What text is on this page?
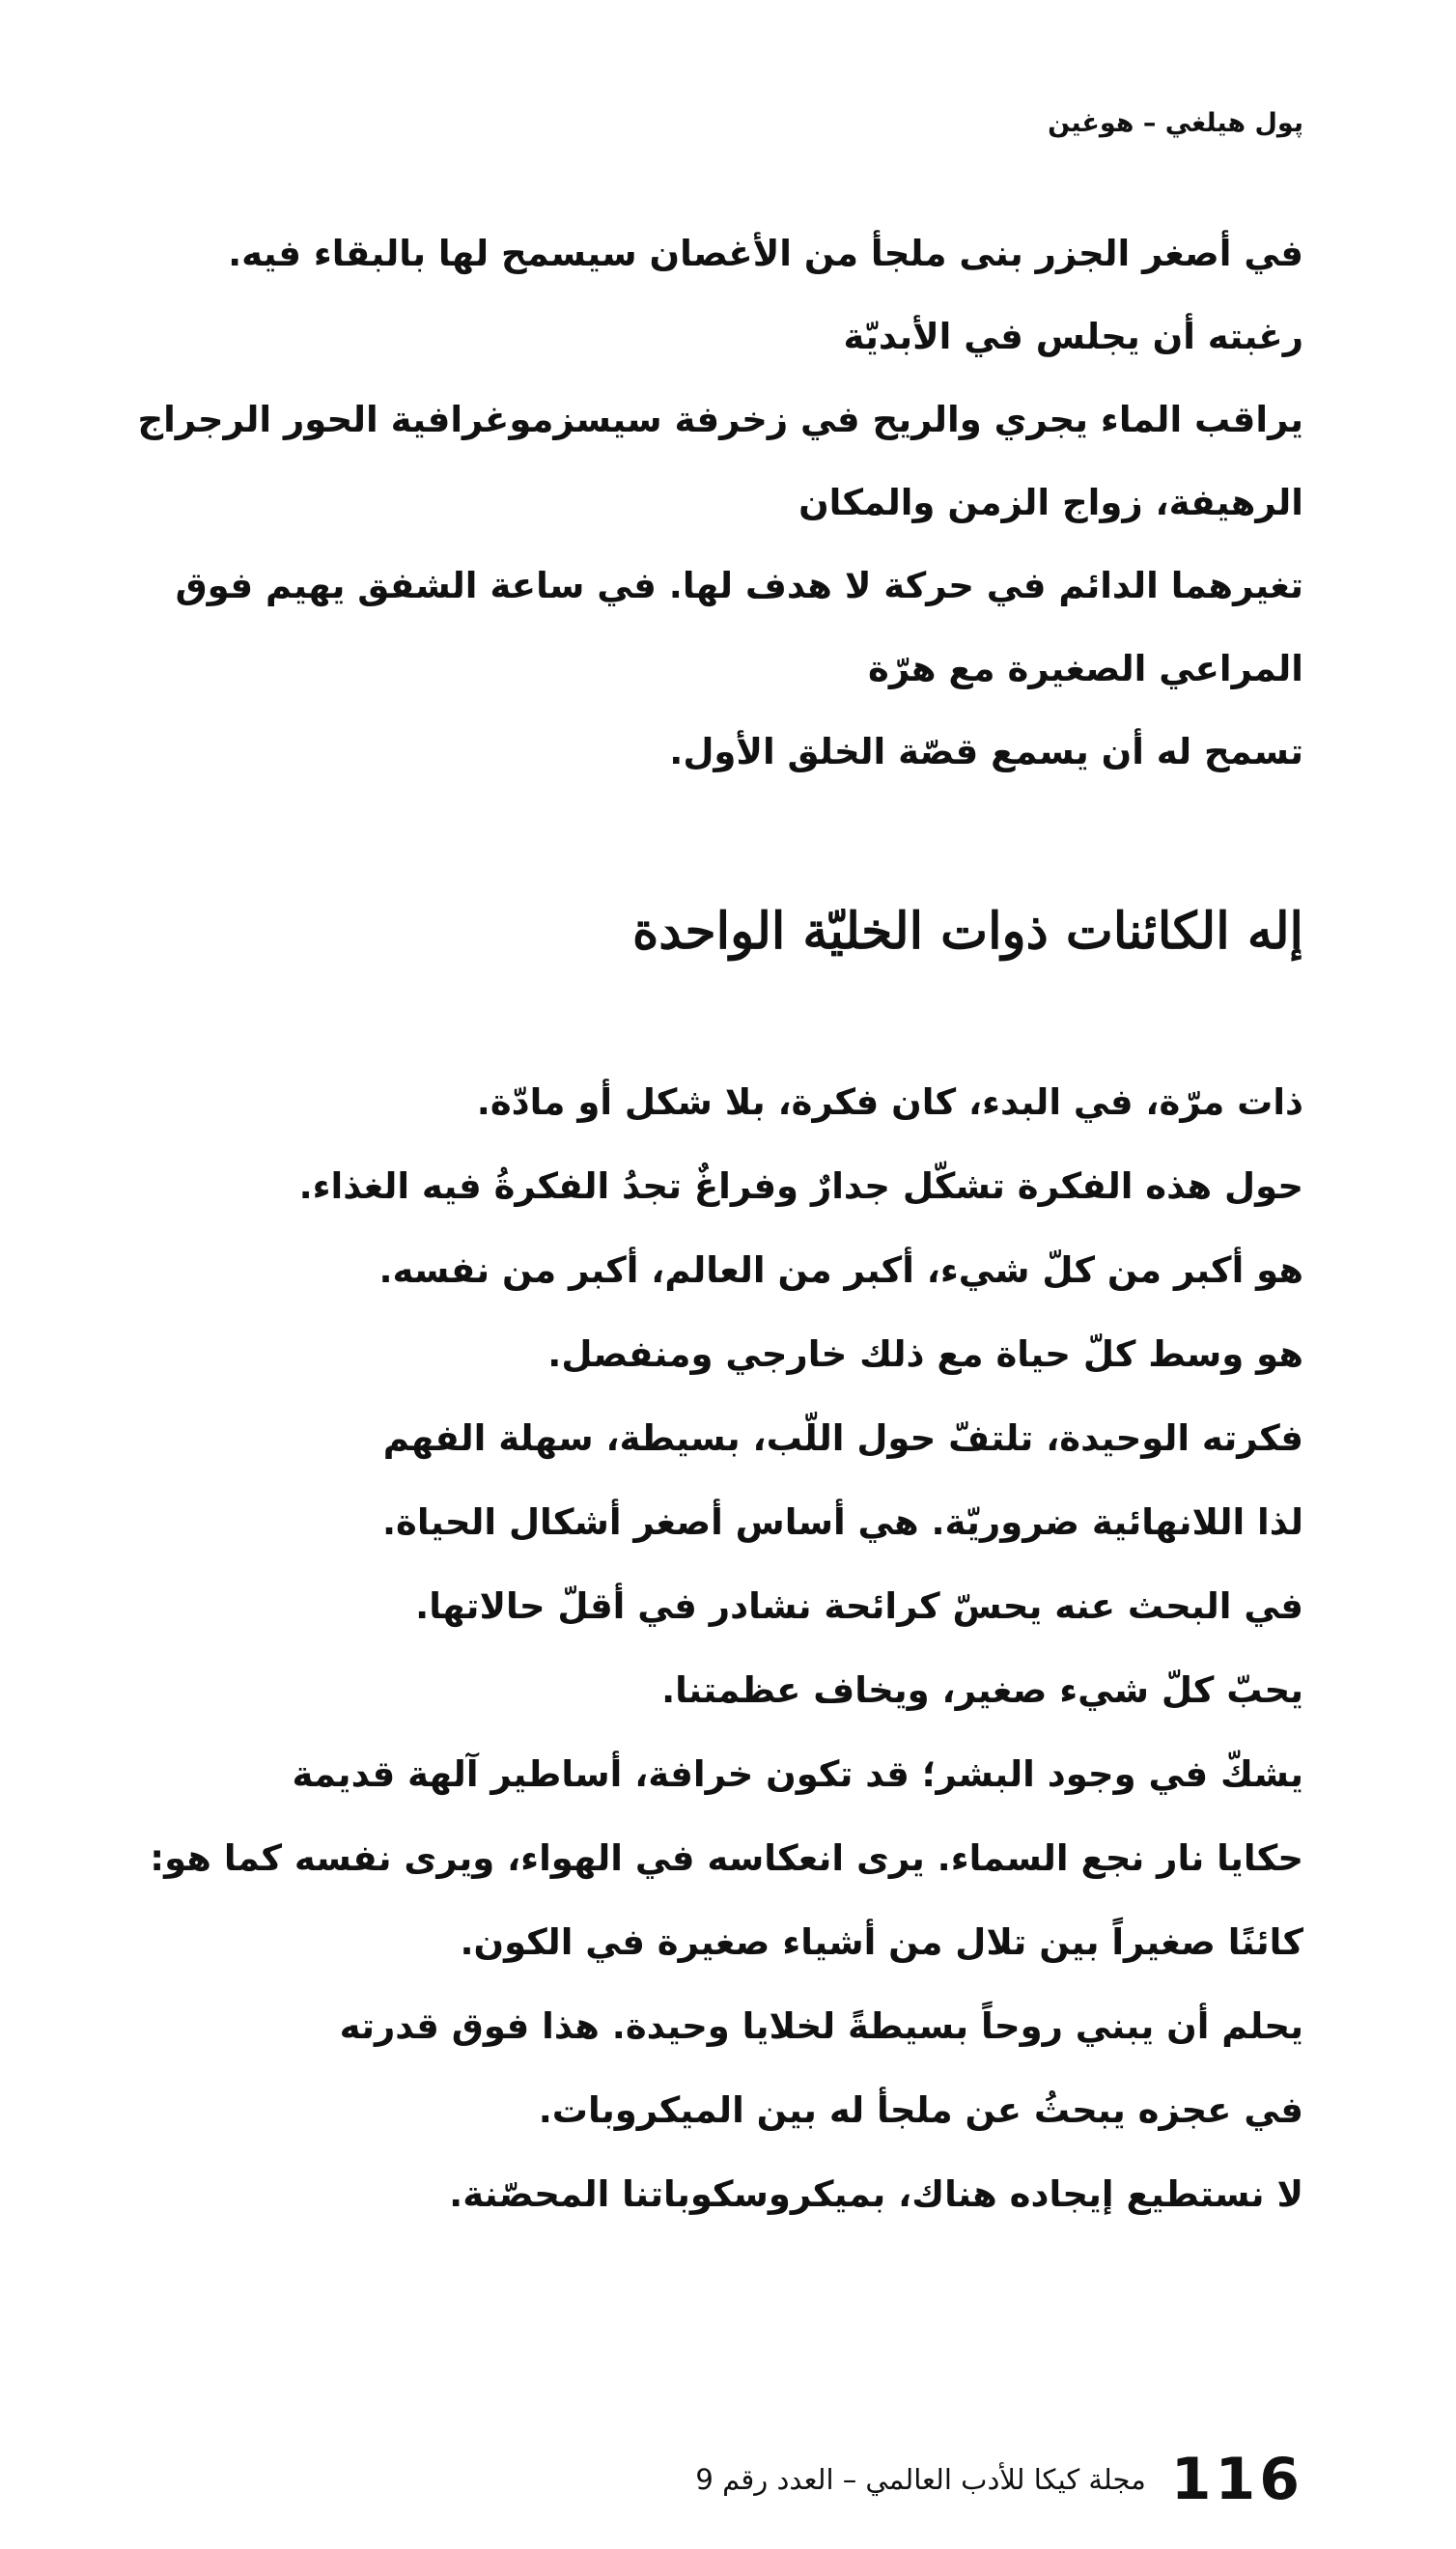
پول هيلغي – هوغين
في أصغر الجزر بنى ملجأ من الأغصان سيسمح لها بالبقاء فيه.
رغبته أن يجلس في الأبديّة
يراقب الماء يجري والريح في زخرفة سيسزموغرافية الحور الرجراج
الرهيفة، زواج الزمن والمكان
تغيرهما الدائم في حركة لا هدف لها. في ساعة الشفق يهيم فوق
المراعي الصغيرة مع هرّة
تسمح له أن يسمع قصّة الخلق الأول.
إله الكائنات ذوات الخليّة الواحدة
ذات مرّة، في البدء، كان فكرة، بلا شكل أو مادّة.
حول هذه الفكرة تشكّل جدارٌ وفراغٌ تجدُ الفكرةُ فيه الغذاء.
هو أكبر من كلّ شيء، أكبر من العالم، أكبر من نفسه.
هو وسط كلّ حياة مع ذلك خارجي ومنفصل.
فكرته الوحيدة، تلتفّ حول اللّب، بسيطة، سهلة الفهم
لذا اللانهائية ضروريّة. هي أساس أصغر أشكال الحياة.
في البحث عنه يحسّ كرائحة نشادر في أقلّ حالاتها.
يحبّ كلّ شيء صغير، ويخاف عظمتنا.
يشكّ في وجود البشر؛ قد تكون خرافة، أساطير آلهة قديمة
حكايا نار نجع السماء. يرى انعكاسه في الهواء، ويرى نفسه كما هو:
كائنًا صغيراً بين تلال من أشياء صغيرة في الكون.
يحلم أن يبني روحاً بسيطةً لخلايا وحيدة. هذا فوق قدرته
في عجزه يبحثُ عن ملجأ له بين الميكروبات.
لا نستطيع إيجاده هناك، بميكروسكوباتنا المحصّنة.
116
مجلة كيكا للأدب العالمي – العدد رقم 9
